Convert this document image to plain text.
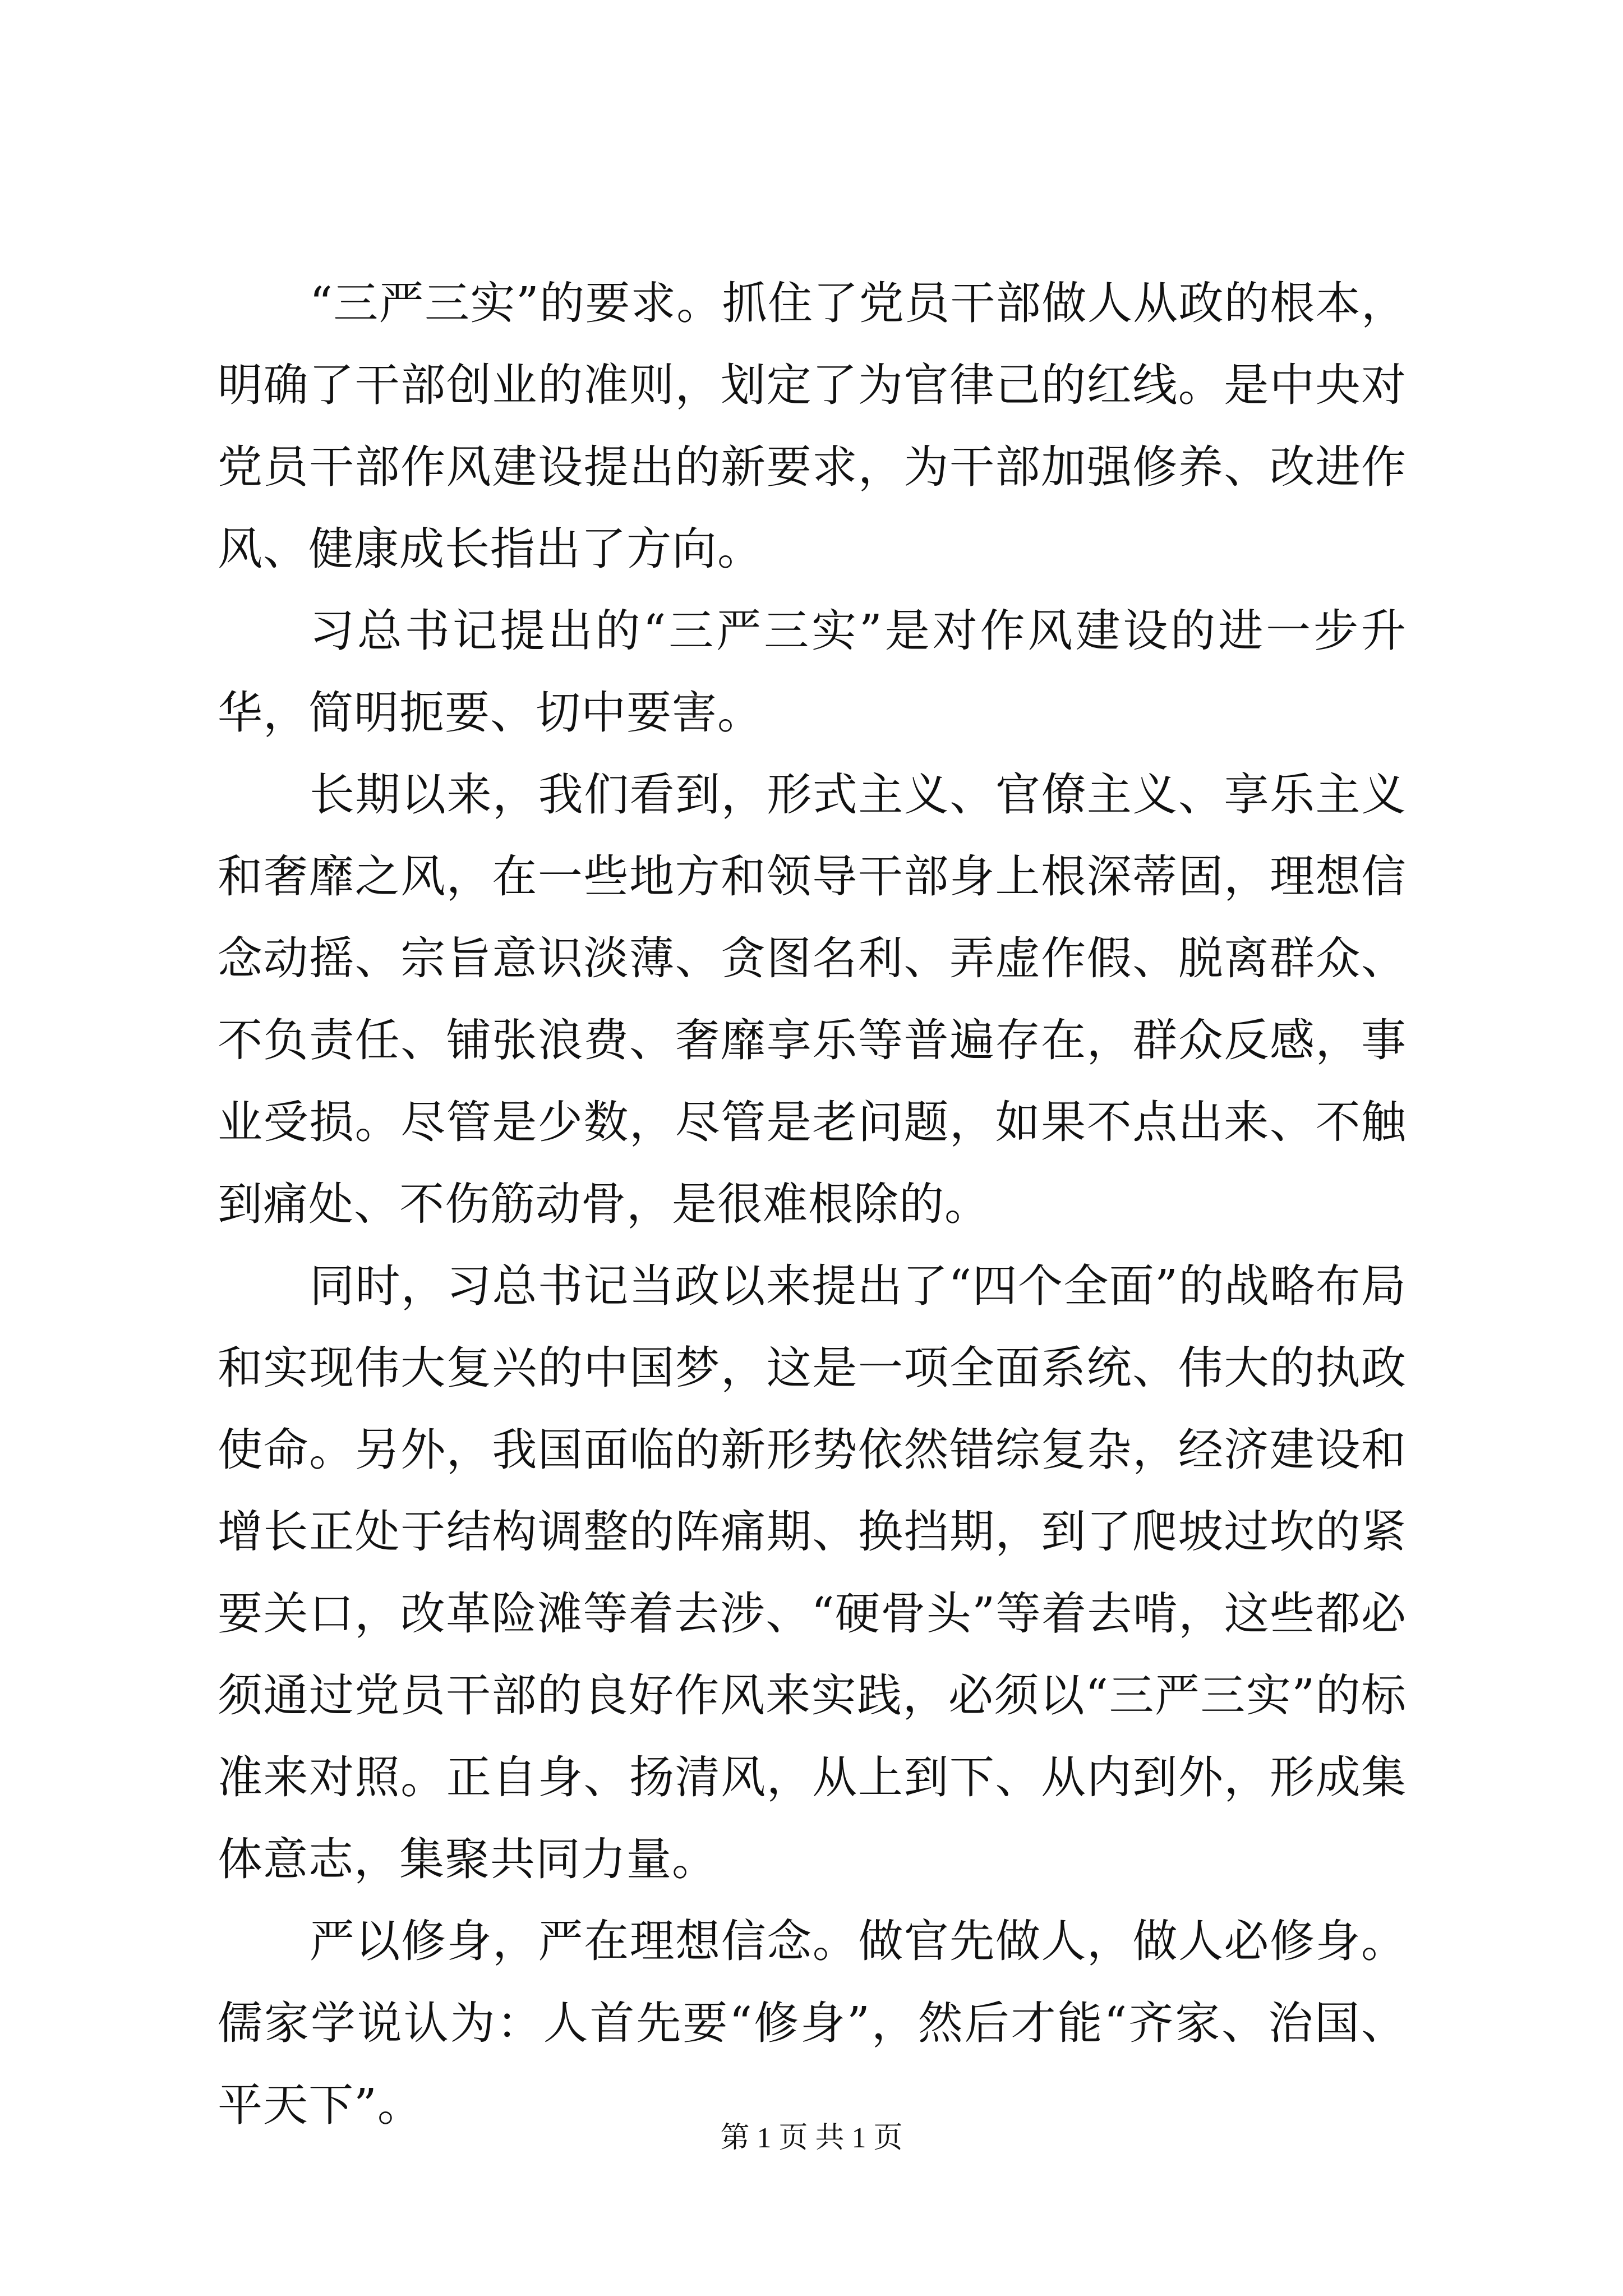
“三严三实”的要求。抓住了党员干部做人从政的根本，明确了干部创业的准则，划定了为官律己的红线。是中央对党员干部作风建设提出的新要求，为干部加强修养、改进作风、健康成长指出了方向。

习总书记提出的“三严三实”是对作风建设的进一步升华，简明扼要、切中要害。

长期以来，我们看到，形式主义、官僚主义、享乐主义和奢靡之风，在一些地方和领导干部身上根深蒂固，理想信念动摇、宗旨意识淡薄、贪图名利、弄虚作假、脱离群众、不负责任、铺张浪费、奢靡享乐等普遍存在，群众反感，事业受损。尽管是少数，尽管是老问题，如果不点出来、不触到痛处、不伤筋动骨，是很难根除的。

同时，习总书记当政以来提出了“四个全面”的战略布局和实现伟大复兴的中国梦，这是一项全面系统、伟大的执政使命。另外，我国面临的新形势依然错综复杂，经济建设和增长正处于结构调整的阵痛期、换挡期，到了爬坡过坎的紧要关口，改革险滩等着去涉、“硬骨头”等着去啃，这些都必须通过党员干部的良好作风来实践，必须以“三严三实”的标准来对照。正自身、扬清风，从上到下、从内到外，形成集体意志，集聚共同力量。

严以修身，严在理想信念。做官先做人，做人必修身。儒家学说认为：人首先要“修身”，然后才能“齐家、治国、平天下”。

第 1 页 共 1 页
